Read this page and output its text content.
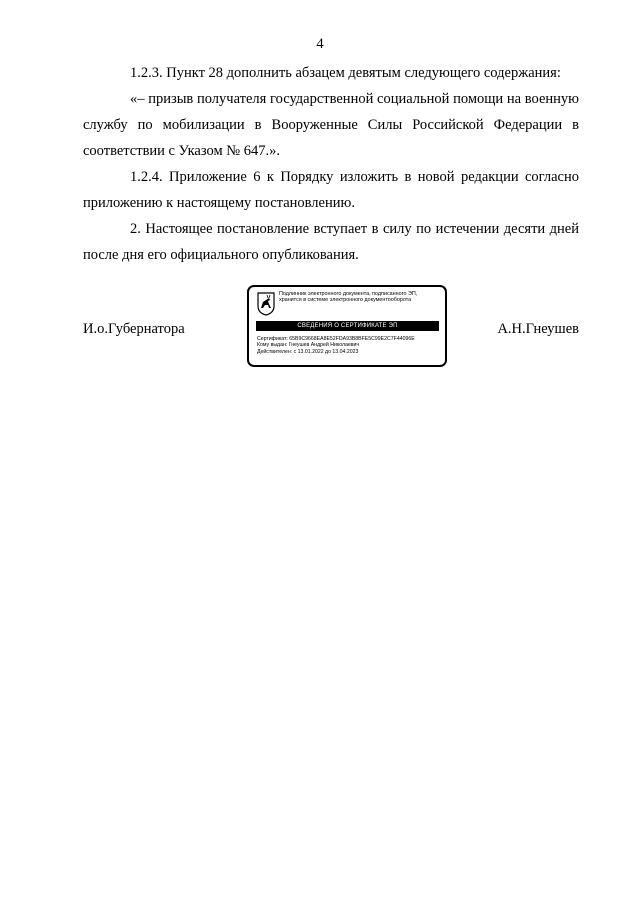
4

1.2.3. Пункт 28 дополнить абзацем девятым следующего содержания:

«– призыв получателя государственной социальной помощи на военную службу по мобилизации в Вооруженные Силы Российской Федерации в соответствии с Указом № 647.».

1.2.4. Приложение 6 к Порядку изложить в новой редакции согласно приложению к настоящему постановлению.

2. Настоящее постановление вступает в силу по истечении десяти дней после дня его официального опубликования.

И.о.Губернатора	А.Н.Гнеушев
Подлинник электронного документа, подписанного ЭП,
хранится в системе электронного документооборота
СВЕДЕНИЯ О СЕРТИФИКАТЕ ЭП
Сертификат: 65B9C9668EA8E52FDA93B8BFE5C99E2C7F44096E
Кому выдан: Гнеушев Андрей Николаевич
Действителен: с 13.01.2022 до 13.04.2023
